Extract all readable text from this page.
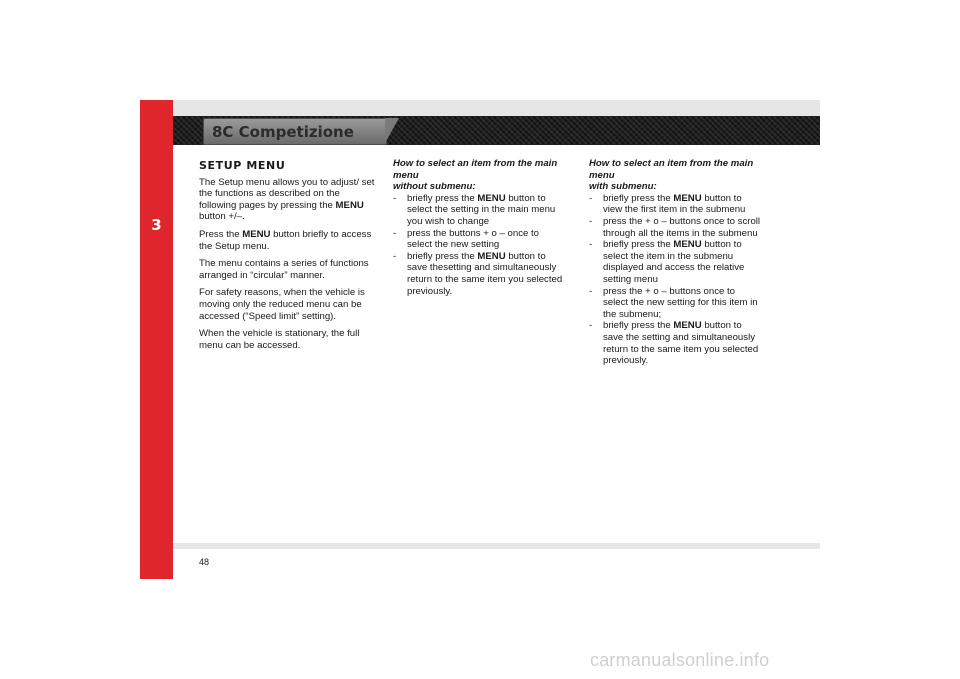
3
8C Competizione
SETUP MENU

The Setup menu allows you to adjust/ set the functions as described on the following pages by pressing the MENU button +/–.

Press the MENU button briefly to access the Setup menu.

The menu contains a series of functions arranged in “circular” manner.

For safety reasons, when the vehicle is moving only the reduced menu can be accessed (“Speed limit” setting).

When the vehicle is stationary, the full menu can be accessed.

How to select an item from the main menu
without submenu:

- briefly press the MENU button to select the setting in the main menu you wish to change
- press the buttons + o – once to select the new setting
- briefly press the MENU button to save thesetting and simultaneously return to the same item you selected previously.

How to select an item from the main menu
with submenu:

- briefly press the MENU button to view the first item in the submenu
- press the + o – buttons once to scroll through all the items in the submenu
- briefly press the MENU button to select the item in the submenu displayed and access the relative setting menu
- press the + o – buttons once to select the new setting for this item in the submenu;
- briefly press the MENU button to save the setting and simultaneously return to the same item you selected previously.
48
carmanualsonline.info
